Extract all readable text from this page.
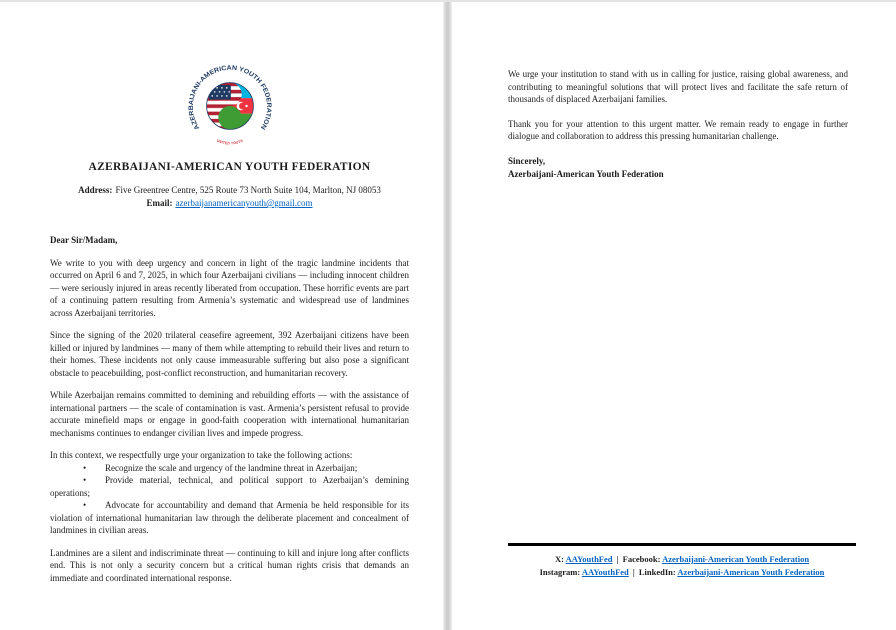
AZERBAIJANI-AMERICAN YOUTH FEDERATION
UNITED YOUTH
AZERBAIJANI-AMERICAN YOUTH FEDERATION
Address: Five Greentree Centre, 525 Route 73 North Suite 104, Marlton, NJ 08053
Email: azerbaijanamericanyouth@gmail.com
Dear Sir/Madam,

We write to you with deep urgency and concern in light of the tragic landmine incidents that occurred on April 6 and 7, 2025, in which four Azerbaijani civilians — including innocent children — were seriously injured in areas recently liberated from occupation. These horrific events are part of a continuing pattern resulting from Armenia’s systematic and widespread use of landmines across Azerbaijani territories.

Since the signing of the 2020 trilateral ceasefire agreement, 392 Azerbaijani citizens have been killed or injured by landmines — many of them while attempting to rebuild their lives and return to their homes. These incidents not only cause immeasurable suffering but also pose a significant obstacle to peacebuilding, post-conflict reconstruction, and humanitarian recovery.

While Azerbaijan remains committed to demining and rebuilding efforts — with the assistance of international partners — the scale of contamination is vast. Armenia’s persistent refusal to provide accurate minefield maps or engage in good-faith cooperation with international humanitarian mechanisms continues to endanger civilian lives and impede progress.

In this context, we respectfully urge your organization to take the following actions:

• Recognize the scale and urgency of the landmine threat in Azerbaijan;

• Provide material, technical, and political support to Azerbaijan’s demining operations;

• Advocate for accountability and demand that Armenia be held responsible for its violation of international humanitarian law through the deliberate placement and concealment of landmines in civilian areas.

Landmines are a silent and indiscriminate threat — continuing to kill and injure long after conflicts end. This is not only a security concern but a critical human rights crisis that demands an immediate and coordinated international response.

We urge your institution to stand with us in calling for justice, raising global awareness, and contributing to meaningful solutions that will protect lives and facilitate the safe return of thousands of displaced Azerbaijani families.

Thank you for your attention to this urgent matter. We remain ready to engage in further dialogue and collaboration to address this pressing humanitarian challenge.

Sincerely,
Azerbaijani-American Youth Federation
X: AAYouthFed | Facebook: Azerbaijani-American Youth Federation
Instagram: AAYouthFed | LinkedIn: Azerbaijani-American Youth Federation
